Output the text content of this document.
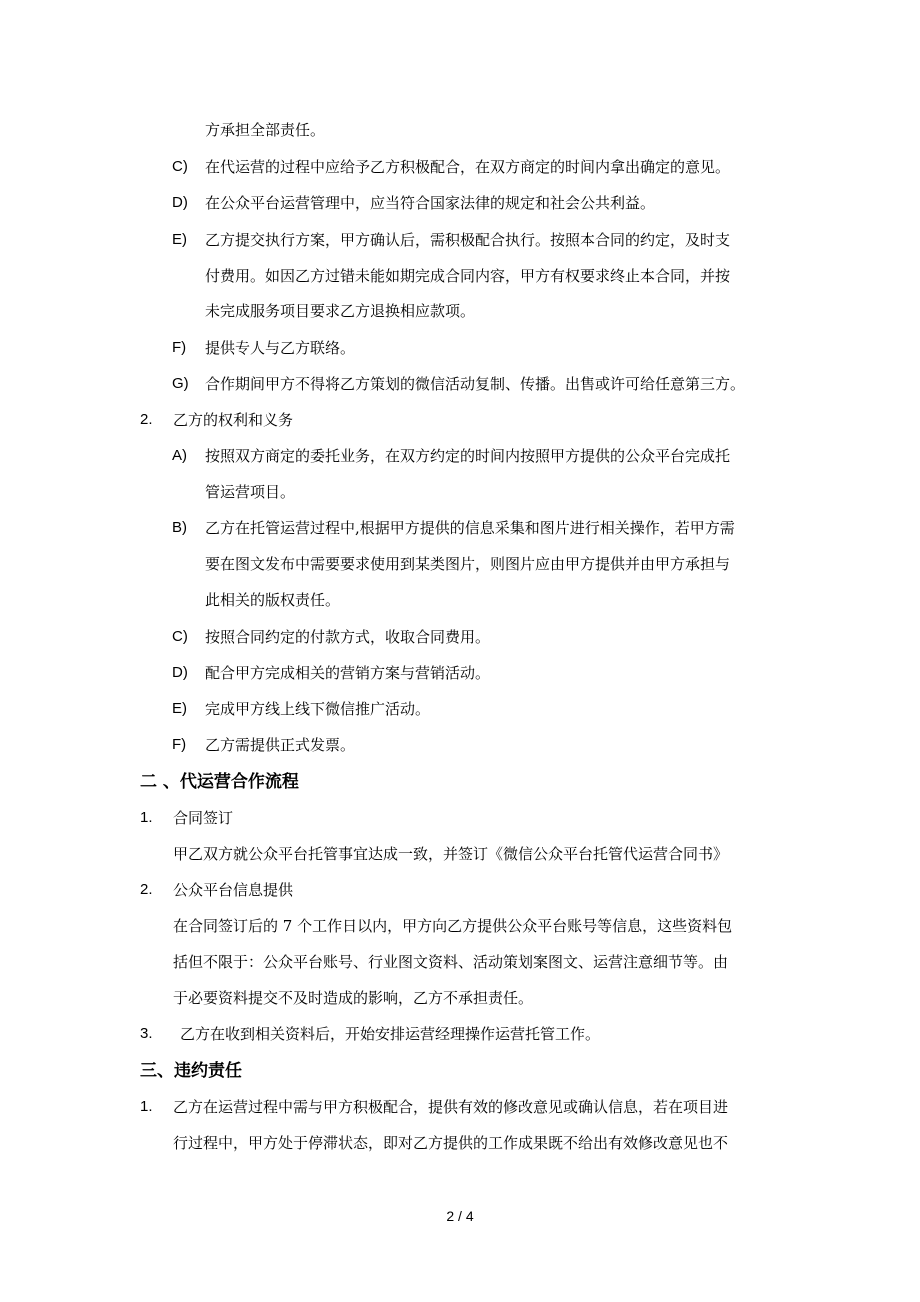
方承担全部责任。
C) 在代运营的过程中应给予乙方积极配合，在双方商定的时间内拿出确定的意见。
D) 在公众平台运营管理中，应当符合国家法律的规定和社会公共利益。
E) 乙方提交执行方案，甲方确认后，需积极配合执行。按照本合同的约定，及时支
付费用。如因乙方过错未能如期完成合同内容，甲方有权要求终止本合同，并按
未完成服务项目要求乙方退换相应款项。
F) 提供专人与乙方联络。
G) 合作期间甲方不得将乙方策划的微信活动复制、传播。出售或许可给任意第三方。
2. 乙方的权利和义务
A) 按照双方商定的委托业务，在双方约定的时间内按照甲方提供的公众平台完成托
管运营项目。
B) 乙方在托管运营过程中,根据甲方提供的信息采集和图片进行相关操作，若甲方需
要在图文发布中需要要求使用到某类图片，则图片应由甲方提供并由甲方承担与
此相关的版权责任。
C) 按照合同约定的付款方式，收取合同费用。
D) 配合甲方完成相关的营销方案与营销活动。
E) 完成甲方线上线下微信推广活动。
F) 乙方需提供正式发票。
二 、代运营合作流程
1. 合同签订
甲乙双方就公众平台托管事宜达成一致，并签订《微信公众平台托管代运营合同书》
2. 公众平台信息提供
在合同签订后的 7 个工作日以内，甲方向乙方提供公众平台账号等信息，这些资料包
括但不限于：公众平台账号、行业图文资料、活动策划案图文、运营注意细节等。由
于必要资料提交不及时造成的影响，乙方不承担责任。
3. 乙方在收到相关资料后，开始安排运营经理操作运营托管工作。
三、违约责任
1. 乙方在运营过程中需与甲方积极配合，提供有效的修改意见或确认信息，若在项目进
行过程中，甲方处于停滞状态，即对乙方提供的工作成果既不给出有效修改意见也不
2 / 4
